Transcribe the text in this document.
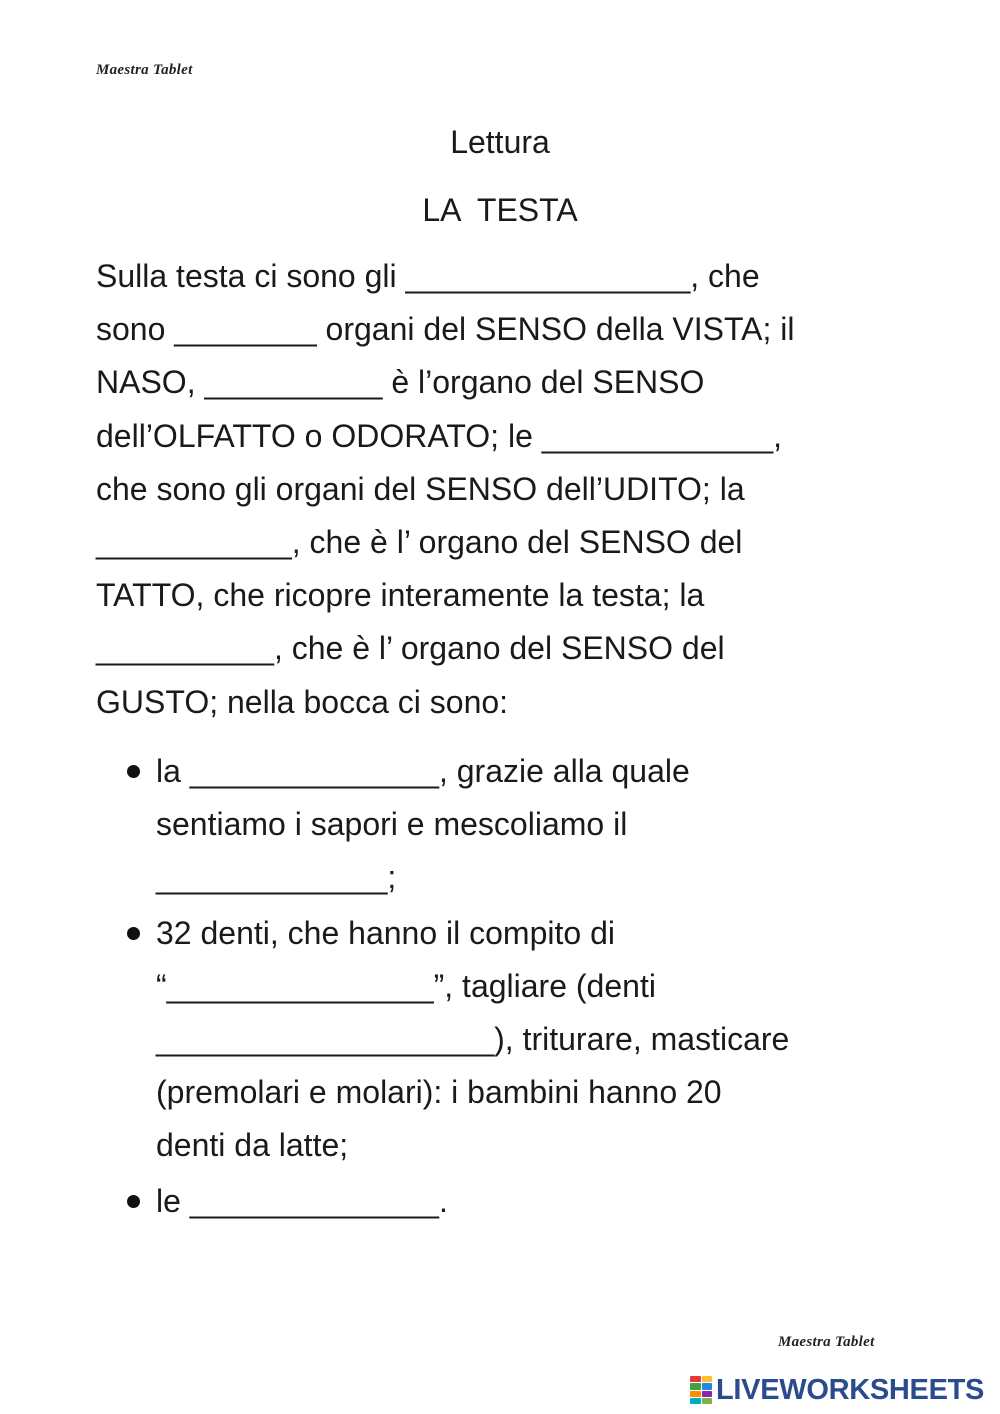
Maestra Tablet
Lettura
LA  TESTA
Sulla testa ci sono gli ________________, che
sono ________ organi del SENSO della VISTA; il
NASO, __________ è l’organo del SENSO
dell’OLFATTO o ODORATO; le _____________,
che sono gli organi del SENSO dell’UDITO; la
___________, che è l’ organo del SENSO del
TATTO, che ricopre interamente la testa; la
__________, che è l’ organo del SENSO del
GUSTO; nella bocca ci sono:
la ______________, grazie alla quale
sentiamo i sapori e mescoliamo il
_____________;
32 denti, che hanno il compito di
“_______________”, tagliare (denti
___________________), triturare, masticare
(premolari e molari): i bambini hanno 20
denti da latte;
le ______________.
Maestra Tablet
LIVEWORKSHEETS
